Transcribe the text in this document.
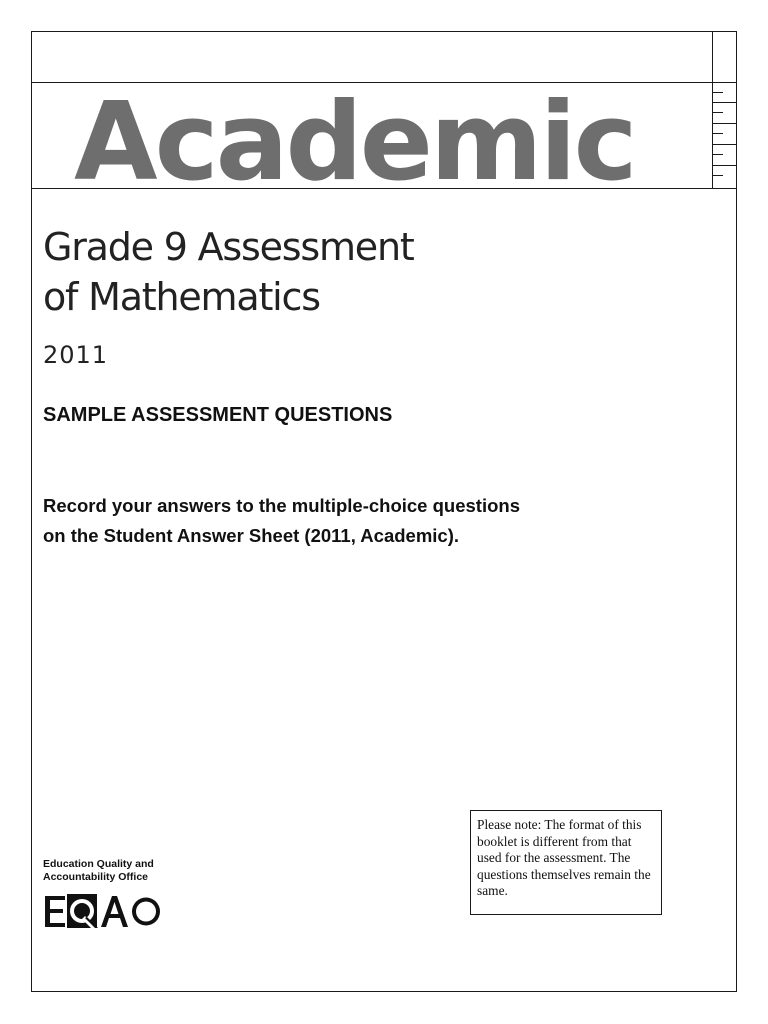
Academic
Grade 9 Assessment
of Mathematics
2011
SAMPLE ASSESSMENT QUESTIONS
Record your answers to the multiple-choice questions
on the Student Answer Sheet (2011, Academic).
Please note: The format of this booklet is different from that used for the assessment. The questions themselves remain the same.
Education Quality and
Accountability Office
